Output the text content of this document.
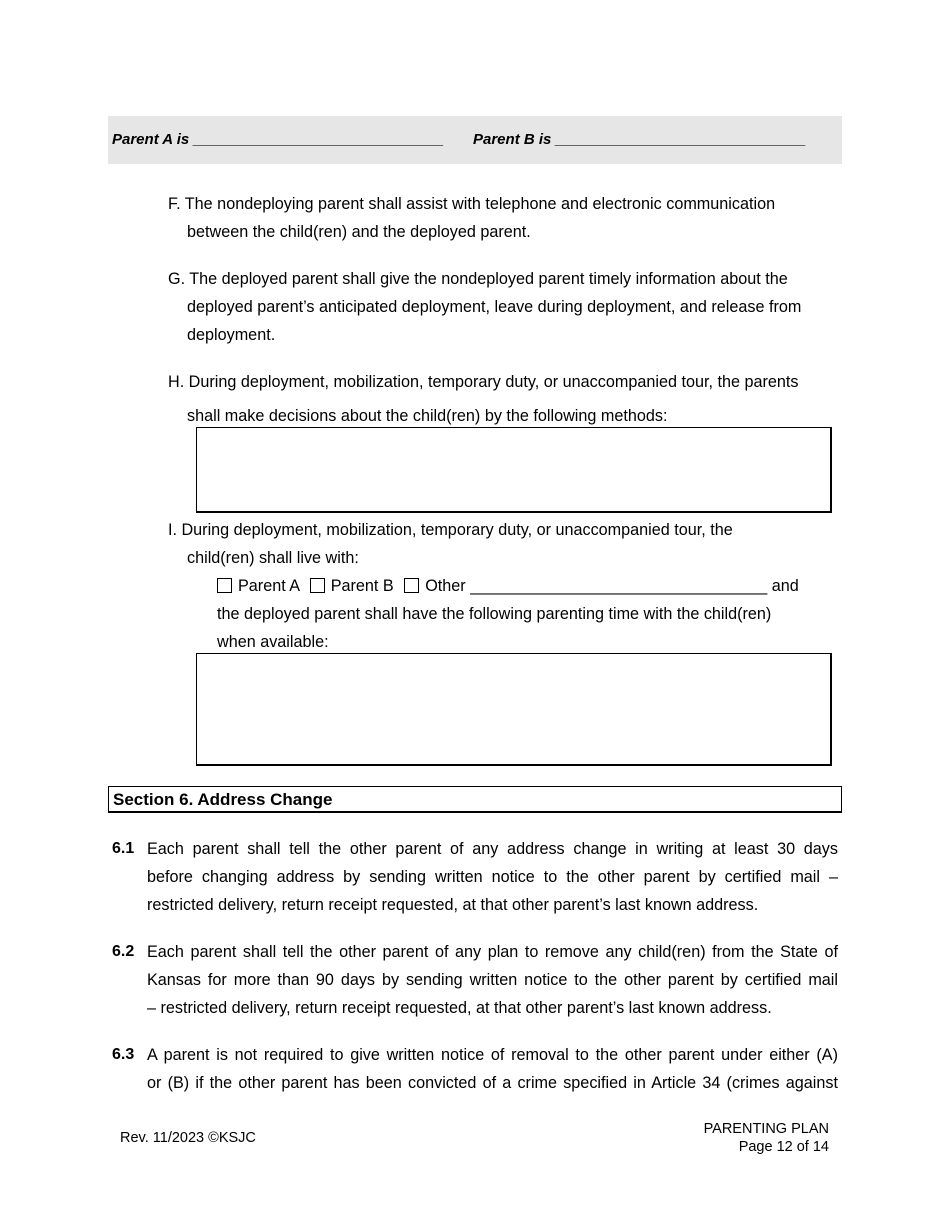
Parent A is ______________________________ Parent B is ______________________________
F. The nondeploying parent shall assist with telephone and electronic communication
between the child(ren) and the deployed parent.
G. The deployed parent shall give the nondeployed parent timely information about the
deployed parent’s anticipated deployment, leave during deployment, and release from
deployment.
H. During deployment, mobilization, temporary duty, or unaccompanied tour, the parents
shall make decisions about the child(ren) by the following methods:
I. During deployment, mobilization, temporary duty, or unaccompanied tour, the
child(ren) shall live with:
Parent A Parent B Other _________________________________ and
the deployed parent shall have the following parenting time with the child(ren)
when available:
Section 6. Address Change
6.1 Each parent shall tell the other parent of any address change in writing at least 30 days
before changing address by sending written notice to the other parent by certified mail –
restricted delivery, return receipt requested, at that other parent’s last known address.
6.2 Each parent shall tell the other parent of any plan to remove any child(ren) from the State of
Kansas for more than 90 days by sending written notice to the other parent by certified mail
– restricted delivery, return receipt requested, at that other parent’s last known address.
6.3 A parent is not required to give written notice of removal to the other parent under either (A)
or (B) if the other parent has been convicted of a crime specified in Article 34 (crimes against
Rev. 11/2023 ©KSJC
PARENTING PLAN
Page 12 of 14
